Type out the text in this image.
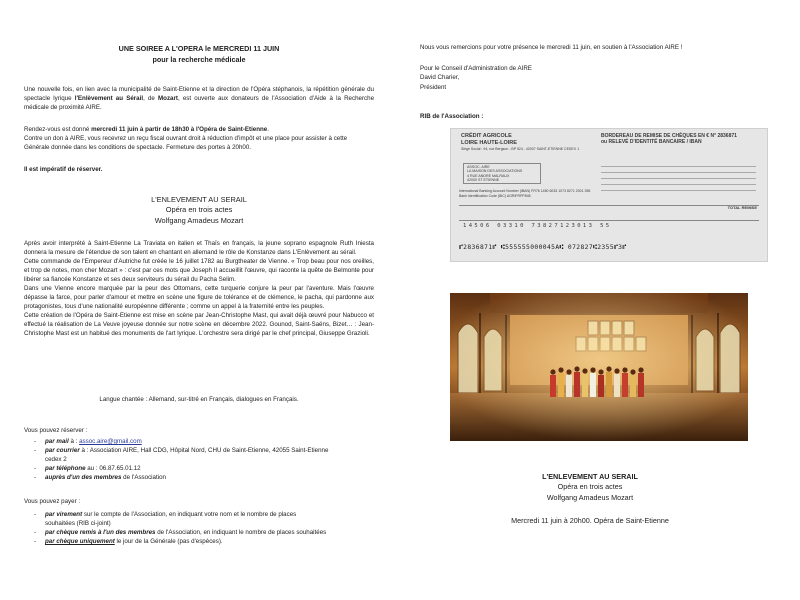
UNE SOIREE A L'OPERA le MERCREDI 11 JUIN
pour la recherche médicale

Une nouvelle fois, en lien avec la municipalité de Saint-Etienne et la direction de l'Opéra stéphanois, la répétition générale du spectacle lyrique l'Enlèvement au Sérail, de Mozart, est ouverte aux donateurs de l'Association d'Aide à la Recherche médicale de proximité AIRE.

Rendez-vous est donné mercredi 11 juin à partir de 18h30 à l'Opéra de Saint-Etienne.

Contre un don à AIRE, vous recevrez un reçu fiscal ouvrant droit à réduction d'impôt et une place pour assister à cette Générale donnée dans les conditions de spectacle. Fermeture des portes à 20h00.

Il est impératif de réserver.

L'ENLEVEMENT AU SERAIL
Opéra en trois actes
Wolfgang Amadeus Mozart

Après avoir interprété à Saint-Etienne La Traviata en italien et Thaïs en français, la jeune soprano espagnole Ruth Iniesta donnera la mesure de l'étendue de son talent en chantant en allemand le rôle de Konstanze dans L'Enlèvement au sérail.

Cette commande de l'Empereur d'Autriche fut créée le 16 juillet 1782 au Burgtheater de Vienne. « Trop beau pour nos oreilles, et trop de notes, mon cher Mozart » : c'est par ces mots que Joseph II accueillit l'œuvre, qui raconte la quête de Belmonte pour libérer sa fiancée Konstanze et ses deux serviteurs du sérail du Pacha Selim.

Dans une Vienne encore marquée par la peur des Ottomans, cette turquerie conjure la peur par l'aventure. Mais l'œuvre dépasse la farce, pour parler d'amour et mettre en scène une figure de tolérance et de clémence, le pacha, qui pardonne aux protagonistes, tous d'une nationalité européenne différente ; comme un appel à la fraternité entre les peuples.

Cette création de l'Opéra de Saint-Etienne est mise en scène par Jean-Christophe Mast, qui avait déjà œuvré pour Nabucco et effectué la réalisation de La Veuve joyeuse donnée sur notre scène en décembre 2022. Gounod, Saint-Saëns, Bizet… : Jean-Christophe Mast est un habitué des monuments de l'art lyrique. L'orchestre sera dirigé par le chef principal, Giuseppe Grazioli.

Langue chantée : Allemand, sur-titré en Français, dialogues en Français.

Vous pouvez réserver :

-	par mail à : assoc.aire@gmail.com
-	par courrier à : Association AIRE, Hall CDG, Hôpital Nord, CHU de Saint-Etienne, 42055 Saint-Etienne
cedex 2
-	par téléphone au : 06.87.65.01.12
-	auprès d'un des membres de l'Association

Vous pouvez payer :

-	par virement sur le compte de l'Association, en indiquant votre nom et le nombre de places
souhaitées (RIB ci-joint)
-	par chèque remis à l'un des membres de l'Association, en indiquant le nombre de places souhaitées
-	par chèque uniquement le jour de la Générale (pas d'espèces).

Nous vous remercions pour votre présence le mercredi 11 juin, en soutien à l'Association AIRE !

Pour le Conseil d'Administration de AIRE
David Charier,
Président

RIB de l'Association :

CRÉDIT AGRICOLE
LOIRE HAUTE-LOIRE
Siège Social : 94, rue Bergson - BP 524 - 42007 SAINT-ETIENNE CEDEX 1
BORDEREAU DE REMISE DE CHÈQUES EN € N° 2836871
ou RELEVÉ D'IDENTITÉ BANCAIRE / IBAN
ASSOC. AIRE
LA MAISON DES ASSOCIATIONS
4 RUE ANDRE MALRAUX
42000 ST ETIENNE
International Banking Account Number (IBAN) FR76 1450 6033 1073 8271 2301 355
Bank Identification Code (BIC) AGRIFRPP845
TOTAL REMISE
14506 03310 73827123013 55
⑈2836871⑈ ⑆555555000045A⑆ 072827⑆2355⑈3⑈
L'ENLEVEMENT AU SERAIL
Opéra en trois actes
Wolfgang Amadeus Mozart
Mercredi 11 juin à 20h00. Opéra de Saint-Etienne
